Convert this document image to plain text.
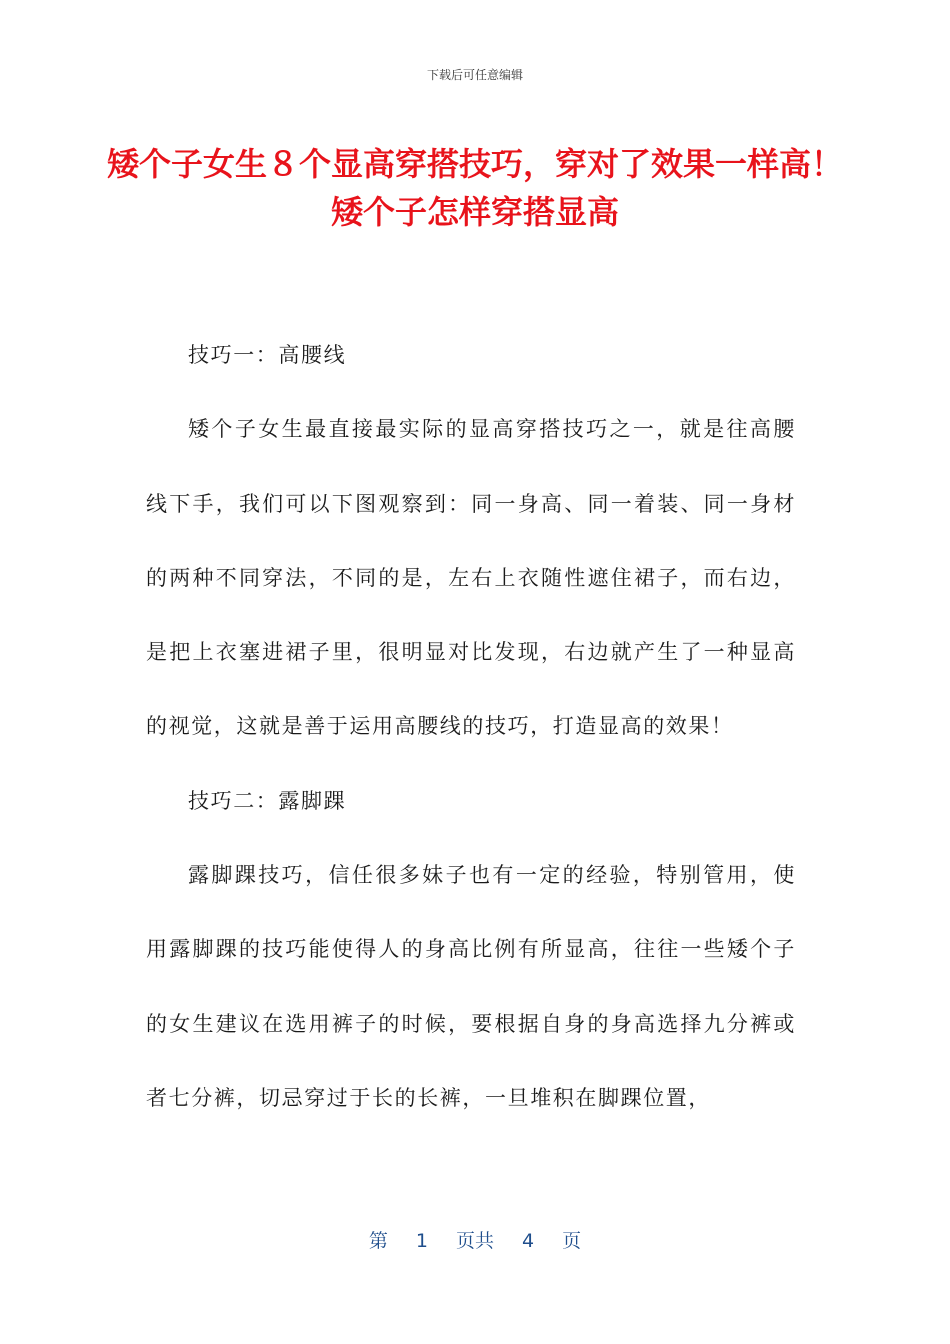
下载后可任意编辑
矮个子女生８个显高穿搭技巧，穿对了效果一样高！ 矮个子怎样穿搭显高

技巧一：高腰线

矮个子女生最直接最实际的显高穿搭技巧之一，就是往高腰线下手，我们可以下图观察到：同一身高、同一着装、同一身材的两种不同穿法，不同的是，左右上衣随性遮住裙子，而右边，是把上衣塞进裙子里，很明显对比发现，右边就产生了一种显高的视觉，这就是善于运用高腰线的技巧，打造显高的效果！

技巧二：露脚踝

露脚踝技巧，信任很多妹子也有一定的经验，特别管用，使用露脚踝的技巧能使得人的身高比例有所显高，往往一些矮个子的女生建议在选用裤子的时候，要根据自身的身高选择九分裤或者七分裤，切忌穿过于长的长裤，一旦堆积在脚踝位置，

第 1 页共 4 页
